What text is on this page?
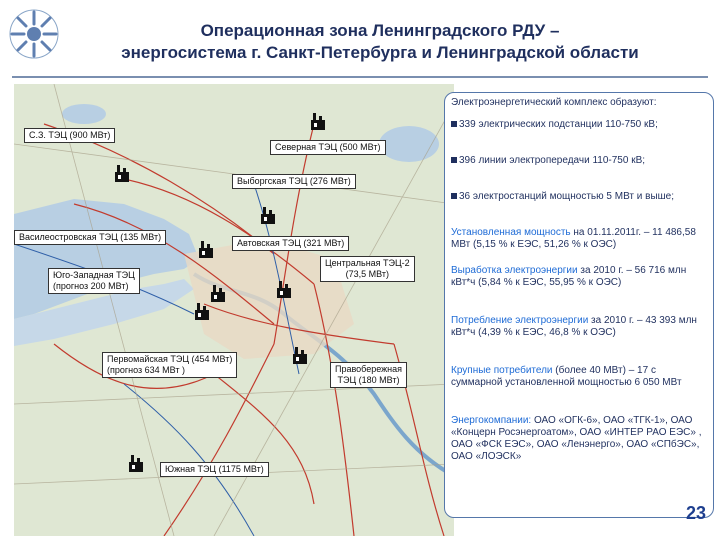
Операционная зона Ленинградского РДУ –
энергосистема г. Санкт-Петербурга и Ленинградской области
С.З. ТЭЦ (900 МВт)
Северная ТЭЦ (500 МВт)
Выборгская ТЭЦ (276 МВт)
Василеостровская ТЭЦ (135 МВт)
Автовская ТЭЦ (321 МВт)
Юго-Западная ТЭЦ
(прогноз 200 МВт)
Центральная ТЭЦ-2
(73,5 МВт)
Первомайская ТЭЦ (454 МВт)
(прогноз 634 МВт )	Правобережная
ТЭЦ (180 МВт)
Южная ТЭЦ (1175 МВт)
Электроэнергетический комплекс образуют:
339 электрических подстанции 110-750 кВ;
396 линии электропередачи 110-750 кВ;
36 электростанций мощностью 5 МВт и выше;
Установленная мощность на 01.11.2011г. – 11 486,58 МВт (5,15 % к ЕЭС, 51,26 % к ОЭС)
Выработка электроэнергии за 2010 г. – 56 716 млн кВт*ч (5,84 % к ЕЭС, 55,95 % к ОЭС)
Потребление электроэнергии за 2010 г. – 43 393 млн кВт*ч (4,39 % к ЕЭС, 46,8 % к ОЭС)
Крупные потребители (более 40 МВт) – 17 с суммарной установленной мощностью 6 050 МВт
Энергокомпании: ОАО «ОГК-6», ОАО «ТГК-1», ОАО «Концерн Росэнергоатом», ОАО «ИНТЕР РАО ЕЭС» , ОАО «ФСК ЕЭС», ОАО «Ленэнерго», ОАО «СПбЭС», ОАО «ЛОЭСК»
23
